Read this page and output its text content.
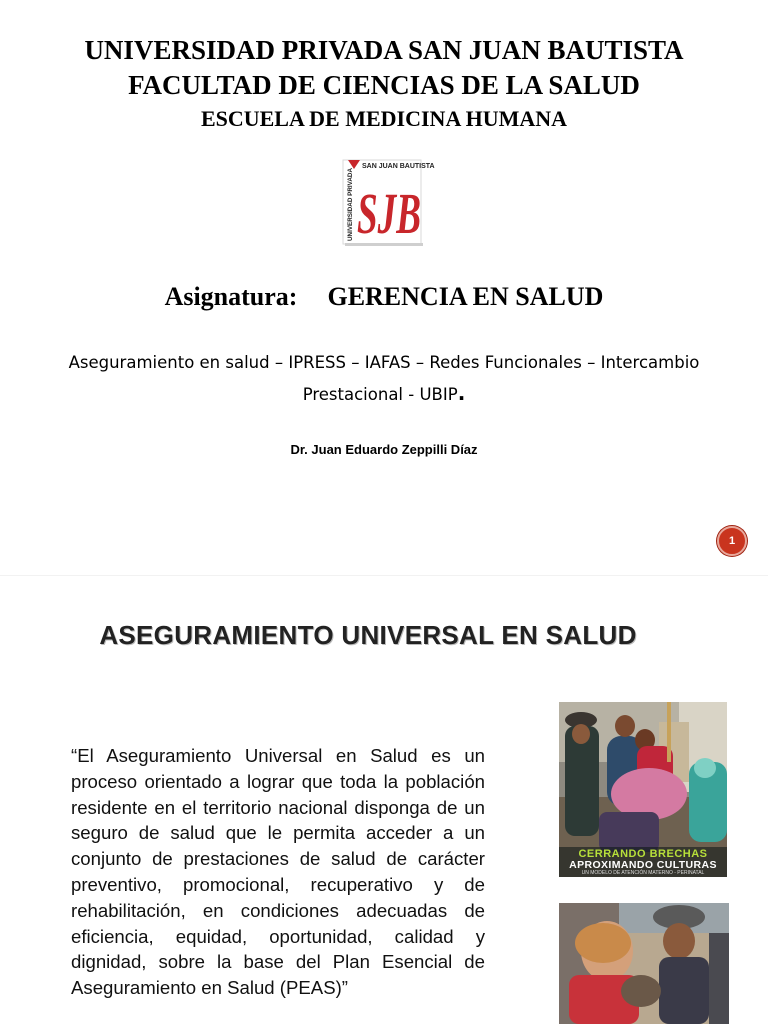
UNIVERSIDAD PRIVADA SAN JUAN BAUTISTA
FACULTAD DE CIENCIAS DE LA SALUD
ESCUELA DE MEDICINA HUMANA
SAN JUAN BAUTISTA
UNIVERSIDAD PRIVADA SJB
Asignatura: GERENCIA EN SALUD
Aseguramiento en salud – IPRESS – IAFAS – Redes Funcionales – Intercambio
Prestacional - UBIP.
Dr. Juan Eduardo Zeppilli Díaz
1
ASEGURAMIENTO UNIVERSAL EN SALUD
“El Aseguramiento Universal en Salud es un proceso orientado a lograr que toda la población residente en el territorio nacional disponga de un seguro de salud que le permita acceder a un conjunto de prestaciones de salud de carácter preventivo, promocional, recuperativo y de rehabilitación, en condiciones adecuadas de eficiencia, equidad, oportunidad, calidad y dignidad, sobre la base del Plan Esencial de Aseguramiento en Salud (PEAS)”
CERRANDO BRECHAS
APROXIMANDO CULTURAS
UN MODELO DE ATENCIÓN MATERNO - PERINATAL
